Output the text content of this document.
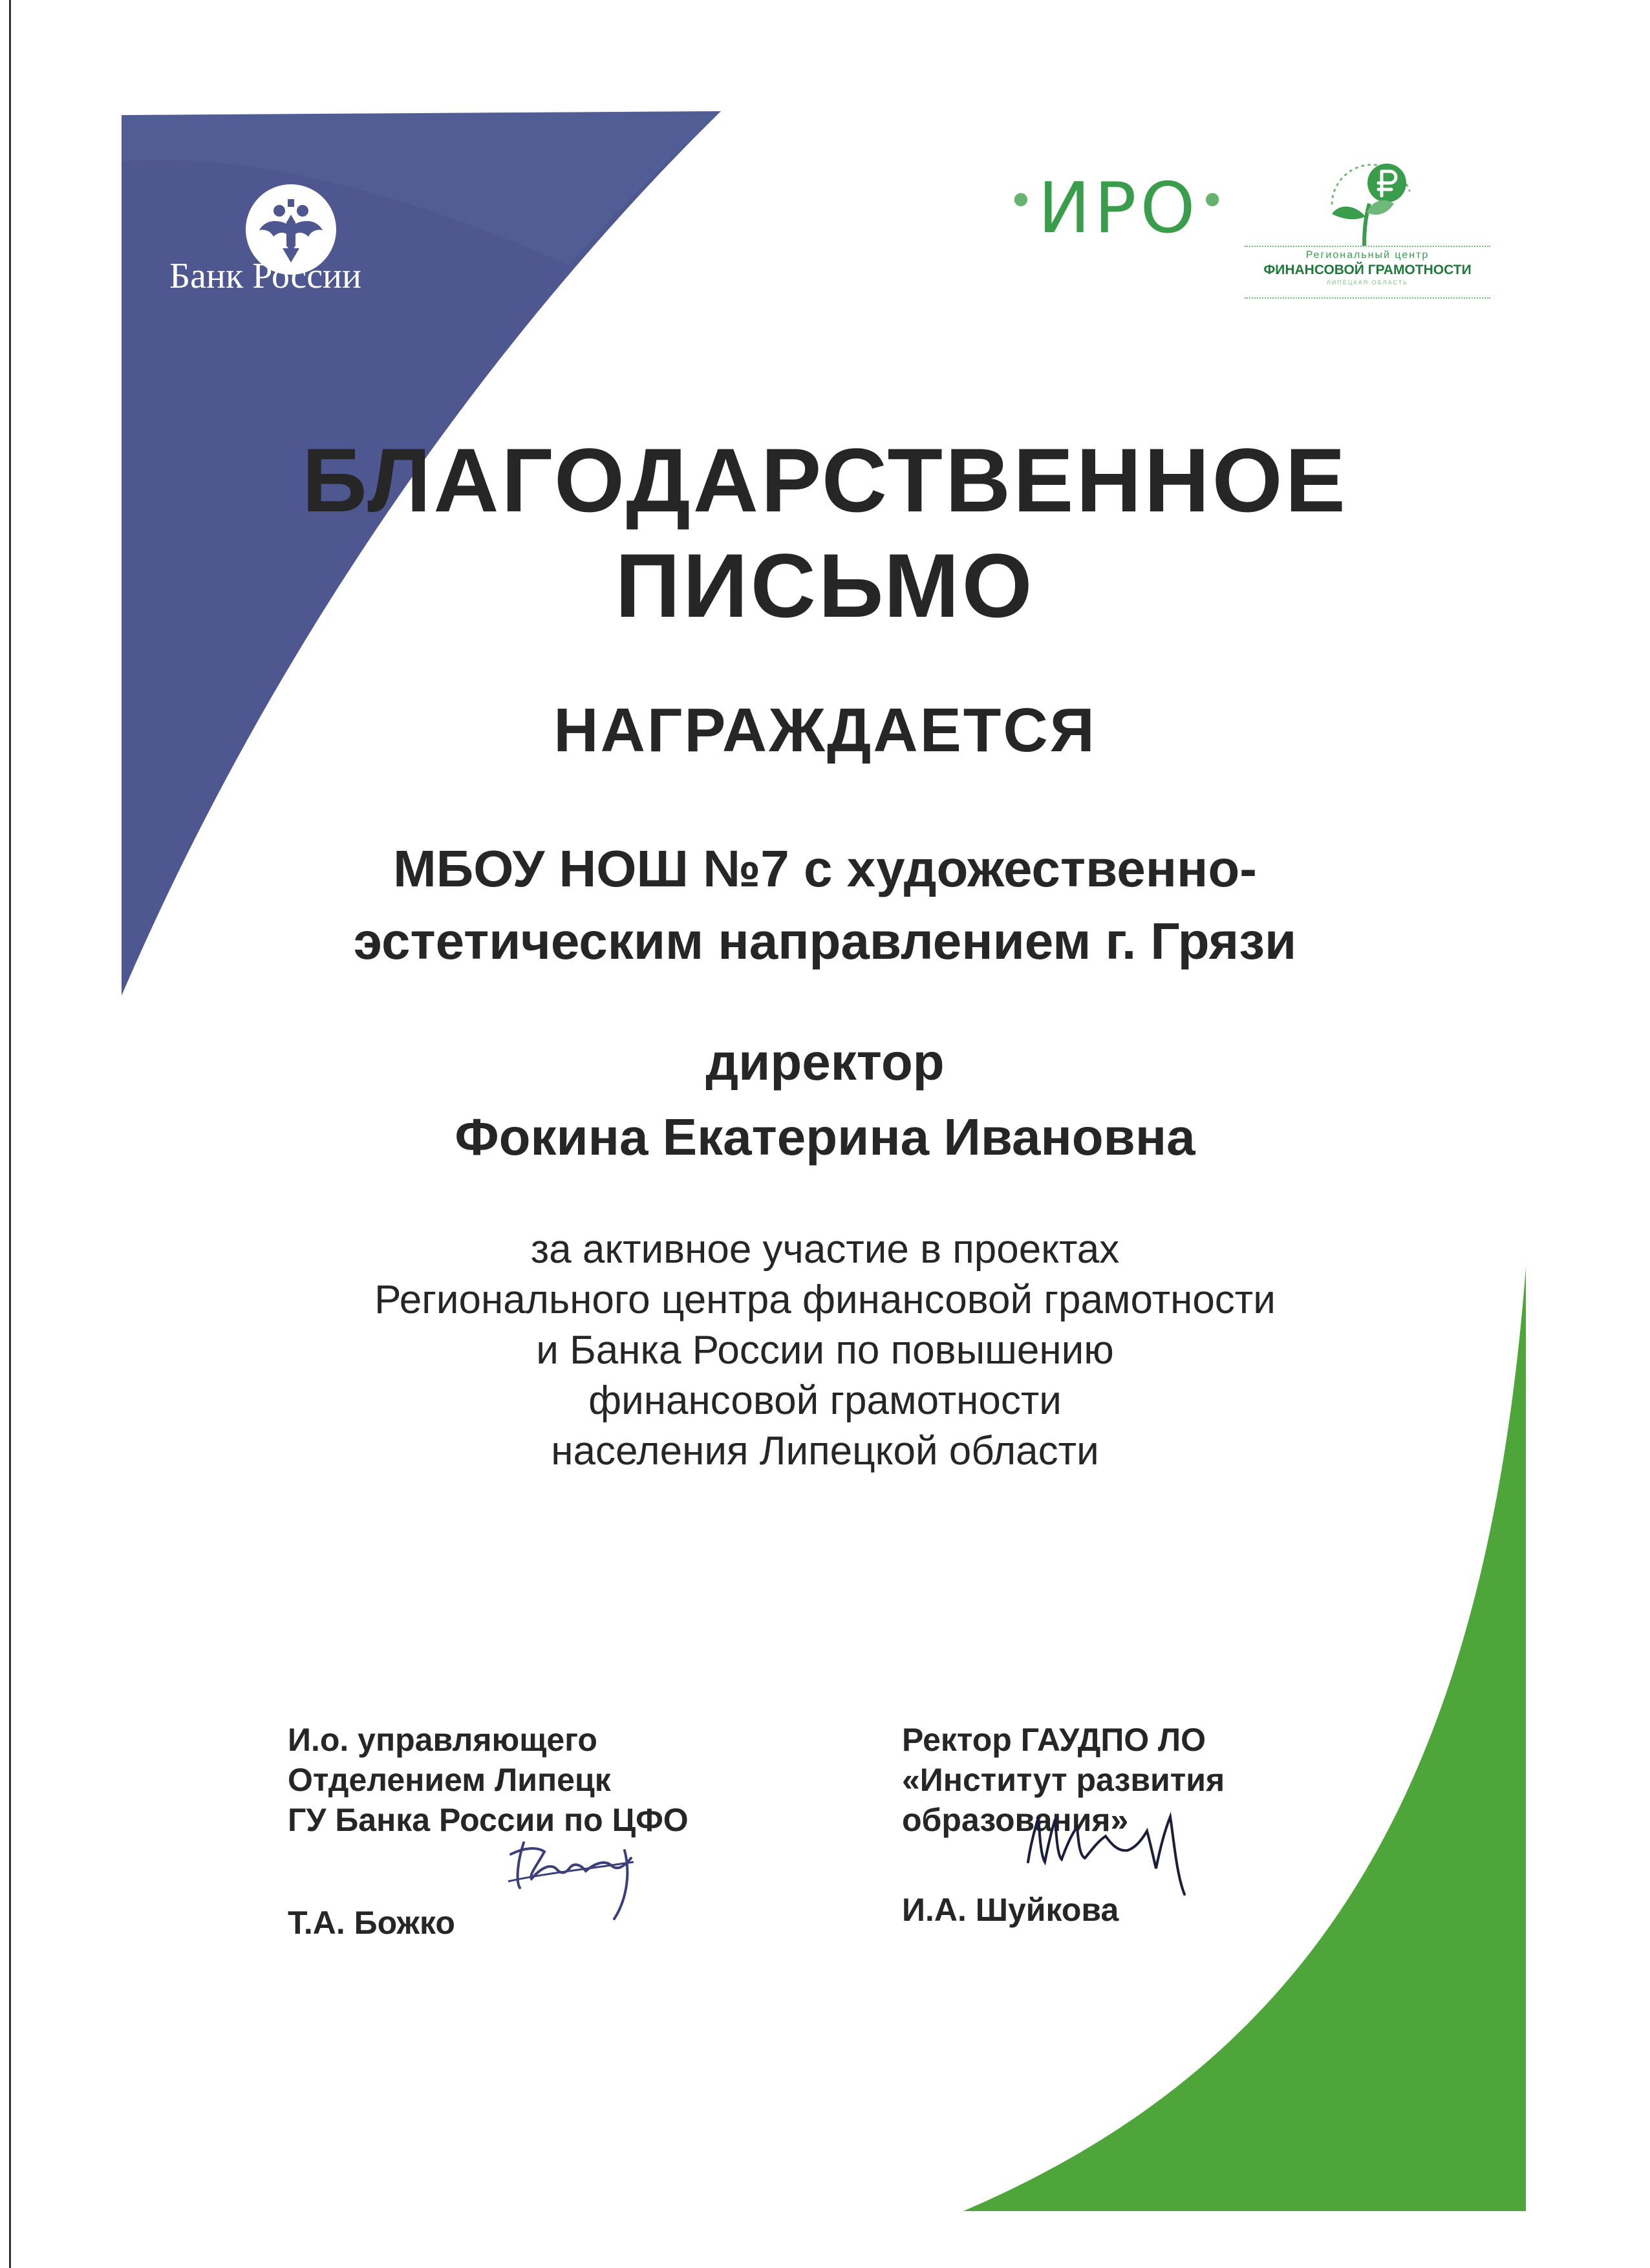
Банк России
•ИРО•
Региональный центр
ФИНАНСОВОЙ ГРАМОТНОСТИ
ЛИПЕЦКАЯ ОБЛАСТЬ
БЛАГОДАРСТВЕННОЕ
ПИСЬМО
НАГРАЖДАЕТСЯ
МБОУ НОШ №7 с художественно-
эстетическим направлением г. Грязи
директор
Фокина Екатерина Ивановна
за активное участие в проектах
Регионального центра финансовой грамотности
и Банка России по повышению
финансовой грамотности
населения Липецкой области
И.о. управляющего
Отделением Липецк
ГУ Банка России по ЦФО
Ректор ГАУДПО ЛО
«Институт развития
образования»
Т.А. Божко	И.А. Шуйкова
